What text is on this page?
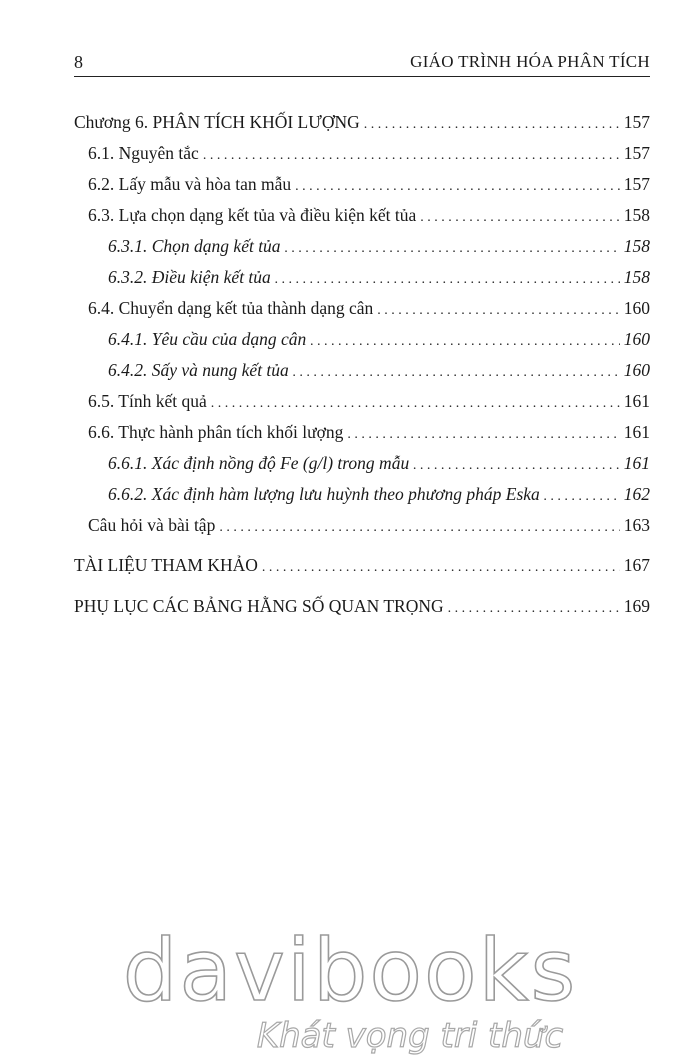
8	GIÁO TRÌNH HÓA PHÂN TÍCH
Chương 6. PHÂN TÍCH KHỐI LƯỢNG . . .	157
6.1. Nguyên tắc . . .	157
6.2. Lấy mẫu và hòa tan mẫu . . .	157
6.3. Lựa chọn dạng kết tủa và điều kiện kết tủa . . .	158
6.3.1. Chọn dạng kết tủa . . .	158
6.3.2. Điều kiện kết tủa . . .	158
6.4. Chuyển dạng kết tủa thành dạng cân . . .	160
6.4.1. Yêu cầu của dạng cân . . .	160
6.4.2. Sấy và nung kết tủa . . .	160
6.5. Tính kết quả . . .	161
6.6. Thực hành phân tích khối lượng . . .	161
6.6.1. Xác định nồng độ Fe (g/l) trong mẫu . . .	161
6.6.2. Xác định hàm lượng lưu huỳnh theo phương pháp Eska . . .	162
Câu hỏi và bài tập . . .	163
TÀI LIỆU THAM KHẢO . . .	167
PHỤ LỤC CÁC BẢNG HẰNG SỐ QUAN TRỌNG . . .	169
davibooks
Khát vọng tri thức
